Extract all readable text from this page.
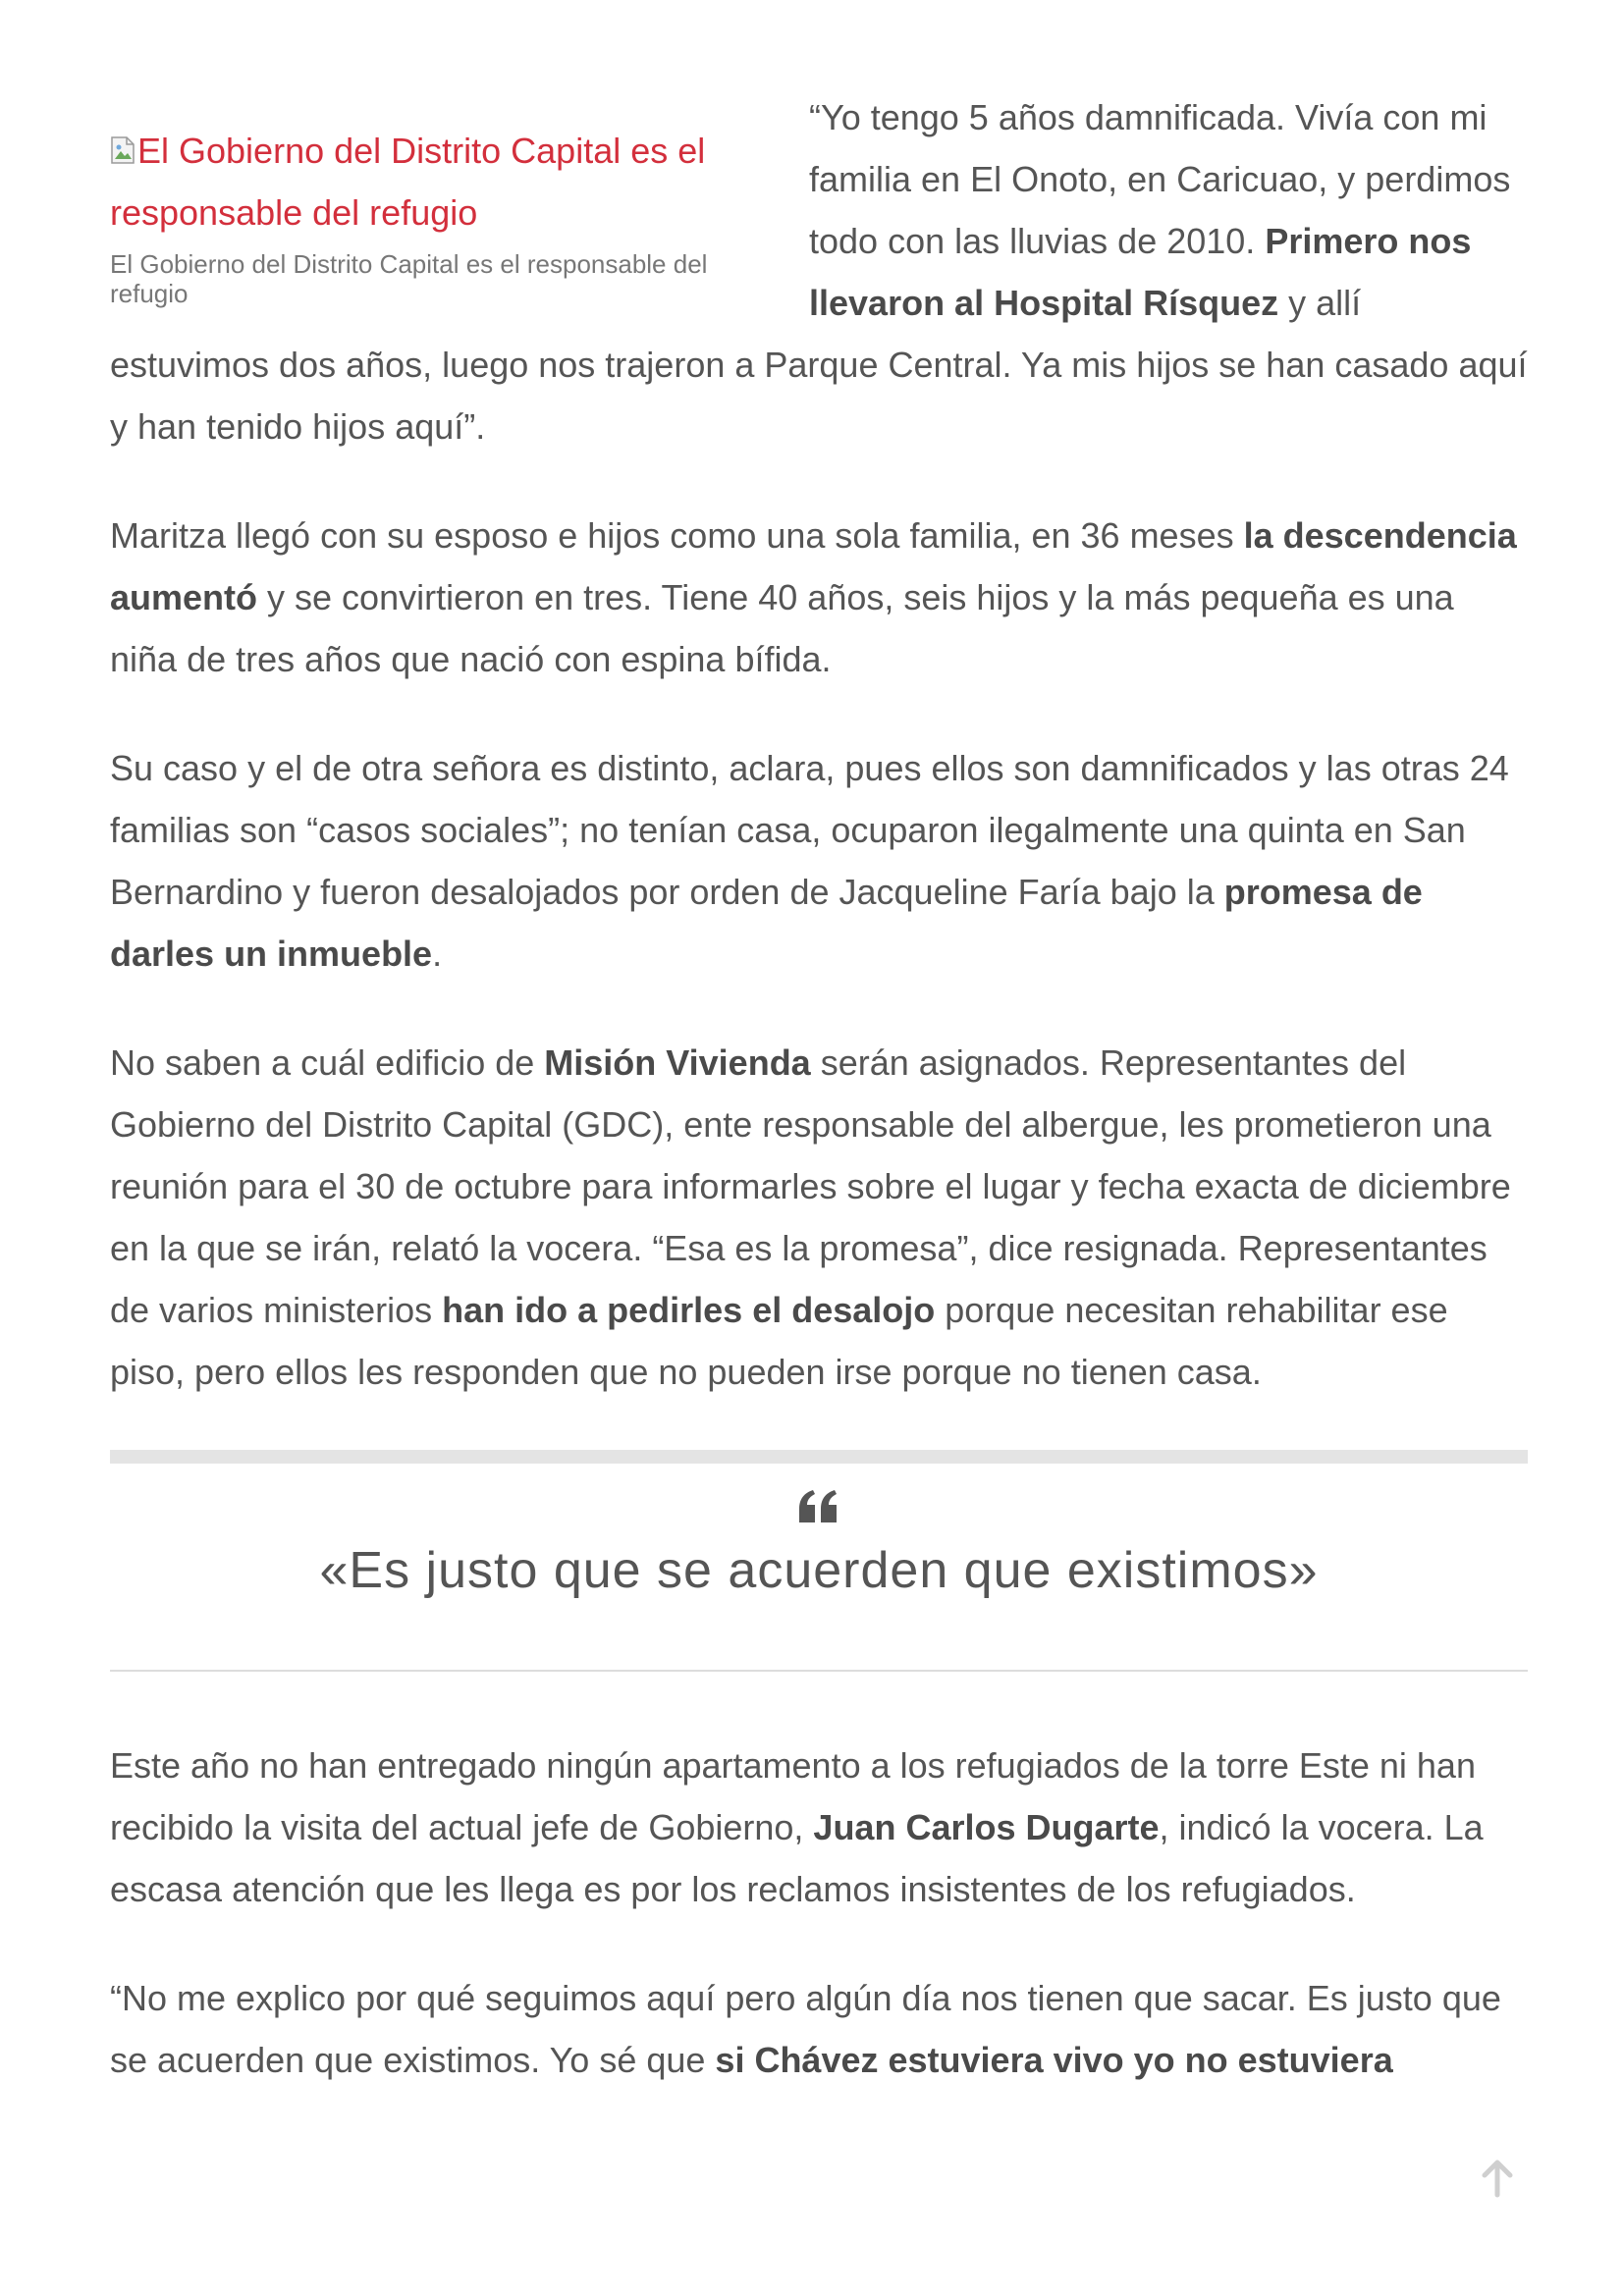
El Gobierno del Distrito Capital es el responsable del refugio
El Gobierno del Distrito Capital es el responsable del refugio
“Yo tengo 5 años damnificada. Vivía con mi familia en El Onoto, en Caricuao, y perdimos todo con las lluvias de 2010. Primero nos llevaron al Hospital Rísquez y allí estuvimos dos años, luego nos trajeron a Parque Central. Ya mis hijos se han casado aquí y han tenido hijos aquí”.

Maritza llegó con su esposo e hijos como una sola familia, en 36 meses la descendencia aumentó y se convirtieron en tres. Tiene 40 años, seis hijos y la más pequeña es una niña de tres años que nació con espina bífida.

Su caso y el de otra señora es distinto, aclara, pues ellos son damnificados y las otras 24 familias son “casos sociales”; no tenían casa, ocuparon ilegalmente una quinta en San Bernardino y fueron desalojados por orden de Jacqueline Faría bajo la promesa de darles un inmueble.

No saben a cuál edificio de Misión Vivienda serán asignados. Representantes del Gobierno del Distrito Capital (GDC), ente responsable del albergue, les prometieron una reunión para el 30 de octubre para informarles sobre el lugar y fecha exacta de diciembre en la que se irán, relató la vocera. “Esa es la promesa”, dice resignada. Representantes de varios ministerios han ido a pedirles el desalojo porque necesitan rehabilitar ese piso, pero ellos les responden que no pueden irse porque no tienen casa.

«Es justo que se acuerden que existimos»

Este año no han entregado ningún apartamento a los refugiados de la torre Este ni han recibido la visita del actual jefe de Gobierno, Juan Carlos Dugarte, indicó la vocera. La escasa atención que les llega es por los reclamos insistentes de los refugiados.

“No me explico por qué seguimos aquí pero algún día nos tienen que sacar. Es justo que se acuerden que existimos. Yo sé que si Chávez estuviera vivo yo no estuviera
